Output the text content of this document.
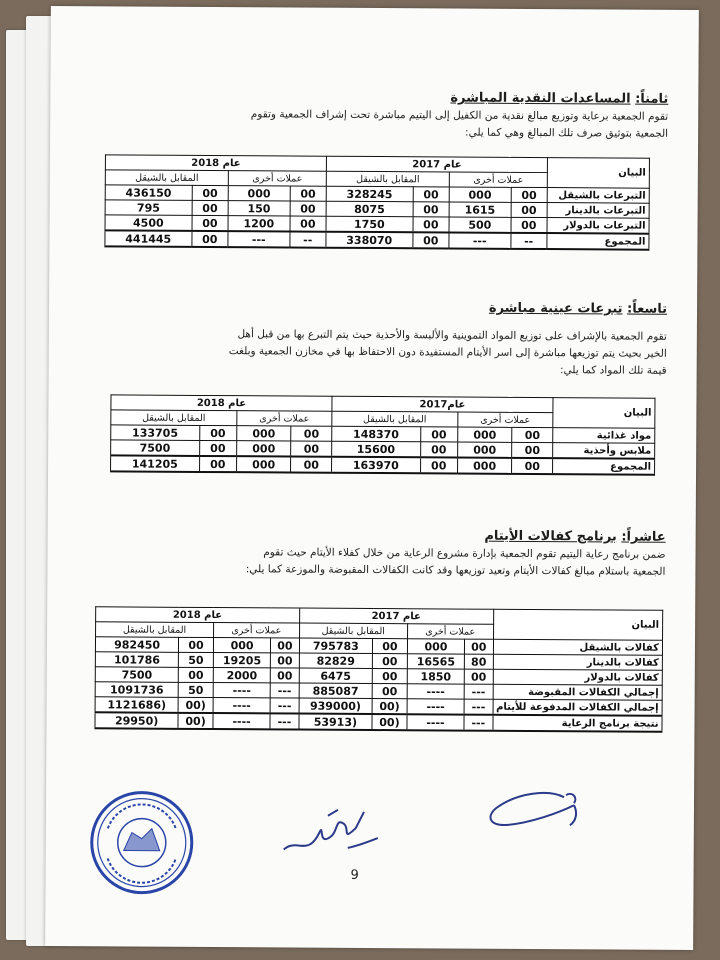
ثامناً: المساعدات النقدية المباشرة
تقوم الجمعية برعاية وتوزيع مبالغ نقدية من الكفيل إلى اليتيم مباشرة تحت إشراف الجمعية وتقوم
الجمعية بتوثيق صرف تلك المبالغ وهي كما يلي:
البيان	عام 2017				عام 2018			
	عملات أخرى		المقابل بالشيقل		عملات أخرى		المقابل بالشيقل	
التبرعات بالشيقل	00	000	00	328245	00	000	00	436150
التبرعات بالدينار	00	1615	00	8075	00	150	00	795
التبرعات بالدولار	00	500	00	1750	00	1200	00	4500
المجموع	--	---	00	338070	--	---	00	441445
تاسعاً: تبرعات عينية مباشرة
تقوم الجمعية بالإشراف على توزيع المواد التموينية والألبسة والأحذية حيث يتم التبرع بها من قبل أهل
الخير بحيث يتم توزيعها مباشرة إلى اسر الأيتام المستفيدة دون الاحتفاظ بها في مخازن الجمعية وبلغت
قيمة تلك المواد كما يلي:
البيان	عام2017				عام 2018			
	عملات أخرى		المقابل بالشيقل		عملات أخرى		المقابل بالشيقل	
مواد غذائية	00	000	00	148370	00	000	00	133705
ملابس وأحذية	00	000	00	15600	00	000	00	7500
المجموع	00	000	00	163970	00	000	00	141205
عاشراً: برنامج كفالات الأيتام
ضمن برنامج رعاية اليتيم تقوم الجمعية بإدارة مشروع الرعاية من خلال كفلاء الأيتام حيث تقوم
الجمعية باستلام مبالغ كفالات الأيتام وتعيد توزيعها وقد كانت الكفالات المقبوضة والموزعة كما يلي:
البيان	عام 2017				عام 2018			
	عملات أخرى		المقابل بالشيقل		عملات أخرى		المقابل بالشيقل	
كفالات بالشيقل	00	000	00	795783	00	000	00	982450
كفالات بالدينار	80	16565	00	82829	00	19205	50	101786
كفالات بالدولار	00	1850	00	6475	00	2000	00	7500
إجمالي الكفالات المقبوضة	---	----	00	885087	---	----	50	1091736
إجمالي الكفالات المدفوعة للأيتام	---	----	(00	(939000	---	----	(00	(1121686
نتيجة برنامج الرعاية	---	----	(00	(53913	---	----	(00	(29950
9
